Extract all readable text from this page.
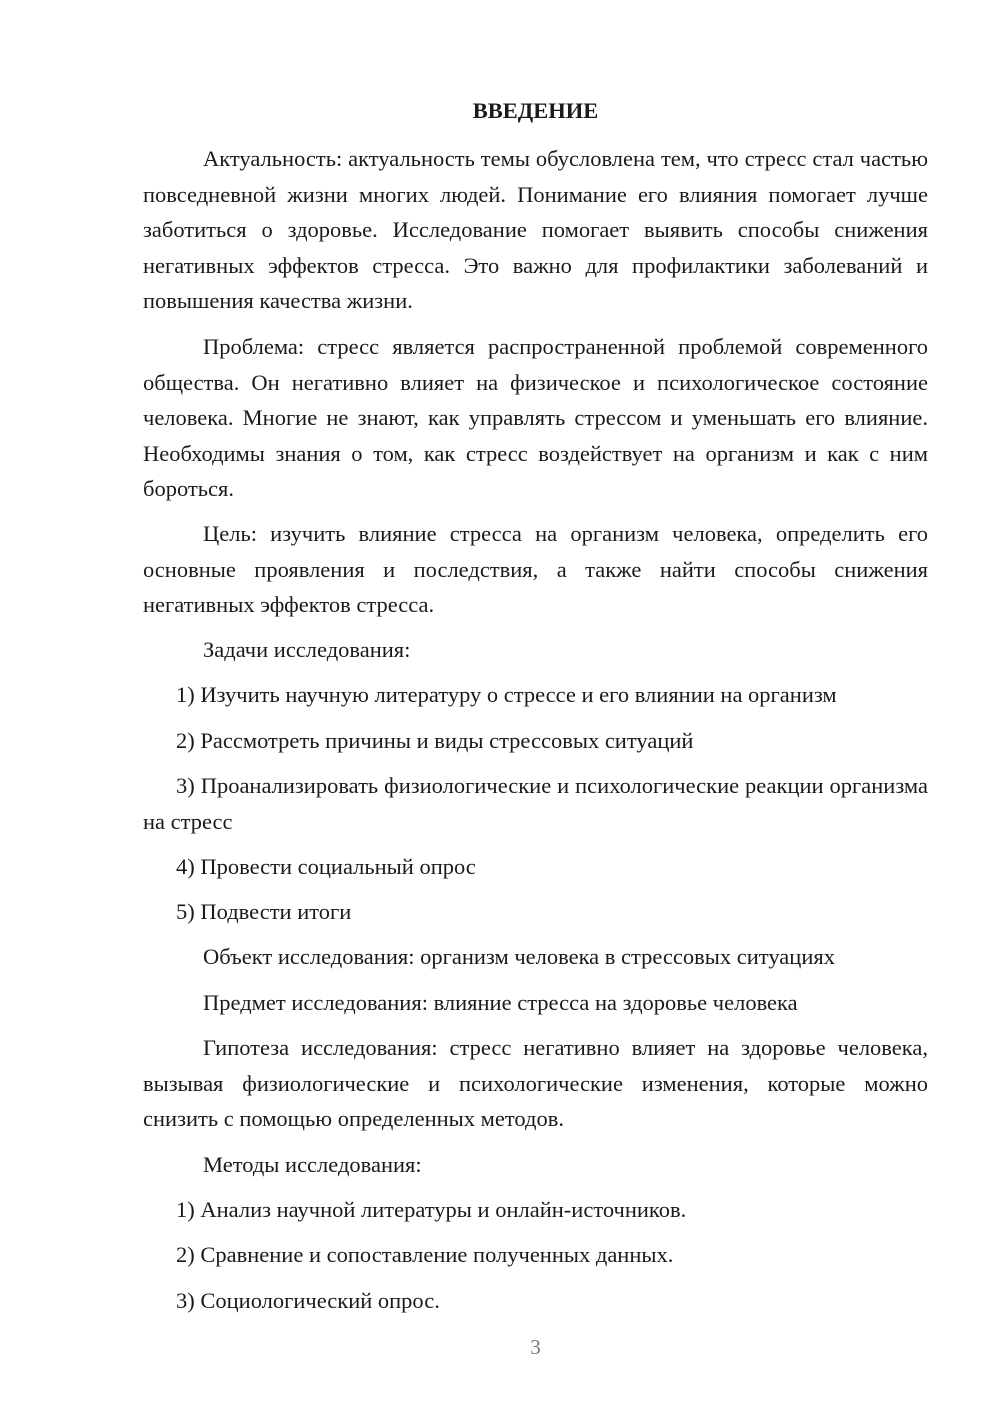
ВВЕДЕНИЕ

Актуальность: актуальность темы обусловлена тем, что стресс стал частью повседневной жизни многих людей. Понимание его влияния помогает лучше заботиться о здоровье. Исследование помогает выявить способы снижения негативных эффектов стресса. Это важно для профилактики заболеваний и повышения качества жизни.

Проблема: стресс является распространенной проблемой современного общества. Он негативно влияет на физическое и психологическое состояние человека. Многие не знают, как управлять стрессом и уменьшать его влияние. Необходимы знания о том, как стресс воздействует на организм и как с ним бороться.

Цель: изучить влияние стресса на организм человека, определить его основные проявления и последствия, а также найти способы снижения негативных эффектов стресса.

Задачи исследования:

1) Изучить научную литературу о стрессе и его влиянии на организм

2) Рассмотреть причины и виды стрессовых ситуаций

3) Проанализировать физиологические и психологические реакции организма на стресс

4) Провести социальный опрос

5) Подвести итоги

Объект исследования: организм человека в стрессовых ситуациях

Предмет исследования: влияние стресса на здоровье человека

Гипотеза исследования: стресс негативно влияет на здоровье человека, вызывая физиологические и психологические изменения, которые можно снизить с помощью определенных методов.

Методы исследования:

1) Анализ научной литературы и онлайн-источников.

2) Сравнение и сопоставление полученных данных.

3) Социологический опрос.

3
